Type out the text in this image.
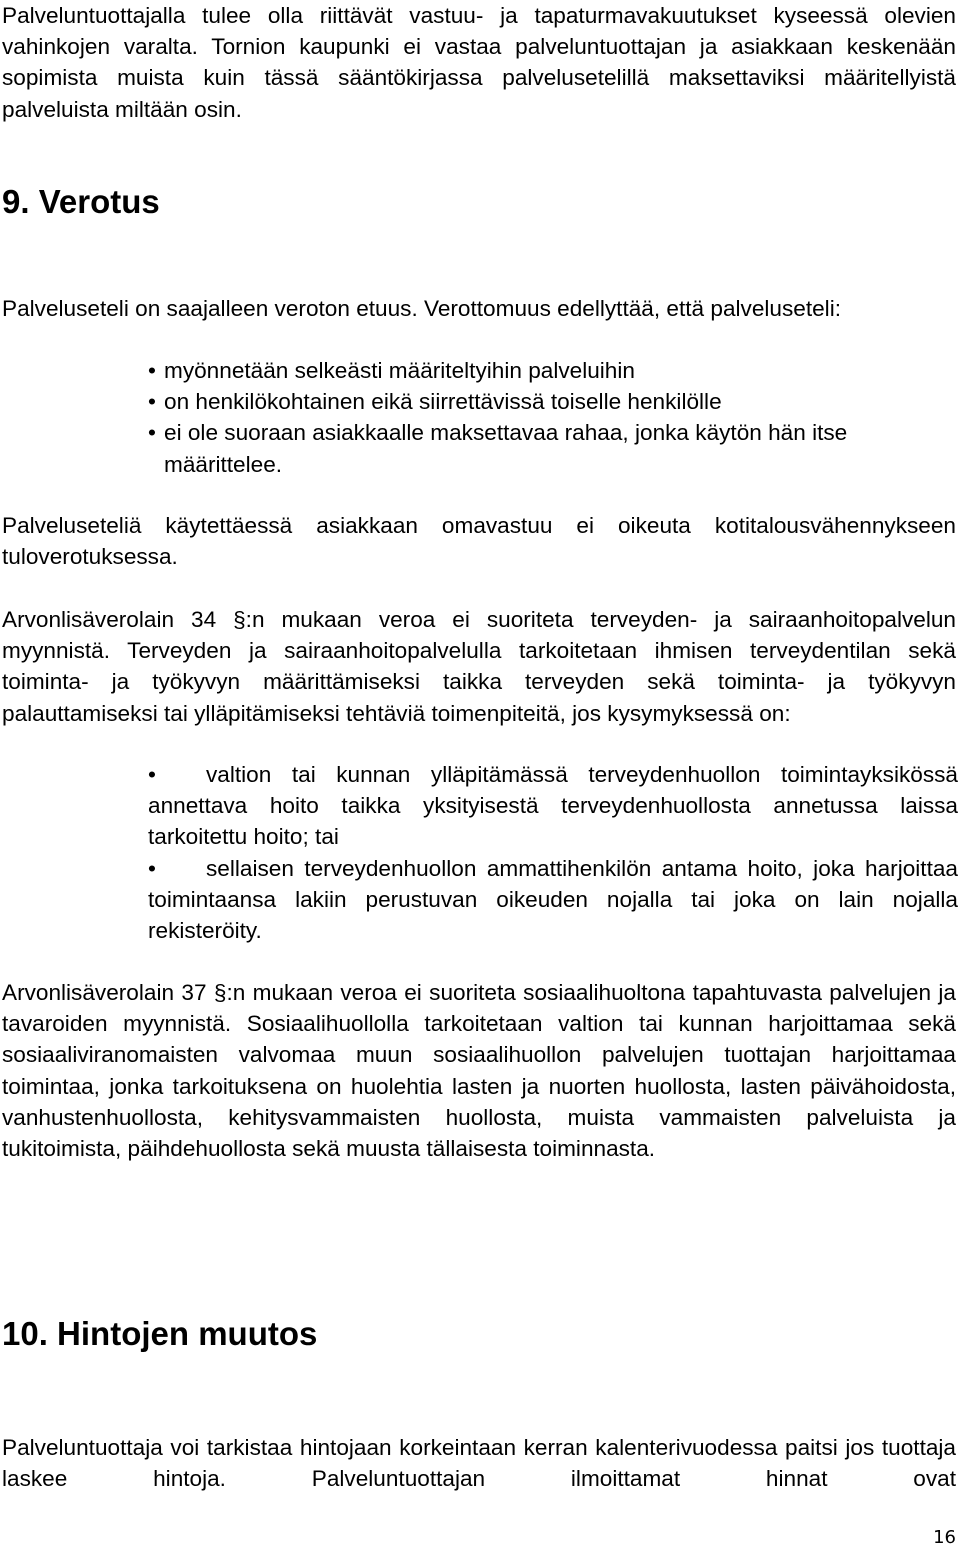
Palveluntuottajalla tulee olla riittävät vastuu- ja tapaturmavakuutukset kyseessä olevien vahinkojen varalta. Tornion kaupunki ei vastaa palveluntuottajan ja asiakkaan keskenään sopimista muista kuin tässä sääntökirjassa palvelusetelillä maksettaviksi määritellyistä palveluista miltään osin.

9. Verotus

Palveluseteli on saajalleen veroton etuus. Verottomuus edellyttää, että palveluseteli:

• myönnetään selkeästi määriteltyihin palveluihin
• on henkilökohtainen eikä siirrettävissä toiselle henkilölle
• ei ole suoraan asiakkaalle maksettavaa rahaa, jonka käytön hän itse määrittelee.

Palveluseteliä käytettäessä asiakkaan omavastuu ei oikeuta kotitalousvähennykseen tuloverotuksessa.

Arvonlisäverolain 34 §:n mukaan veroa ei suoriteta terveyden- ja sairaanhoitopalvelun myynnistä. Terveyden ja sairaanhoitopalvelulla tarkoitetaan ihmisen terveydentilan sekä toiminta- ja työkyvyn määrittämiseksi taikka terveyden sekä toiminta- ja työkyvyn palauttamiseksi tai ylläpitämiseksi tehtäviä toimenpiteitä, jos kysymyksessä on:

• valtion tai kunnan ylläpitämässä terveydenhuollon toimintayksikössä annettava hoito taikka yksityisestä terveydenhuollosta annetussa laissa tarkoitettu hoito; tai
• sellaisen terveydenhuollon ammattihenkilön antama hoito, joka harjoittaa toimintaansa lakiin perustuvan oikeuden nojalla tai joka on lain nojalla rekisteröity.

Arvonlisäverolain 37 §:n mukaan veroa ei suoriteta sosiaalihuoltona tapahtuvasta palvelujen ja tavaroiden myynnistä. Sosiaalihuollolla tarkoitetaan valtion tai kunnan harjoittamaa sekä sosiaaliviranomaisten valvomaa muun sosiaalihuollon palvelujen tuottajan harjoittamaa toimintaa, jonka tarkoituksena on huolehtia lasten ja nuorten huollosta, lasten päivähoidosta, vanhustenhuollosta, kehitysvammaisten huollosta, muista vammaisten palveluista ja tukitoimista, päihdehuollosta sekä muusta tällaisesta toiminnasta.

10. Hintojen muutos

Palveluntuottaja voi tarkistaa hintojaan korkeintaan kerran kalenterivuodessa paitsi jos tuottaja laskee hintoja. Palveluntuottajan ilmoittamat hinnat ovat

16
